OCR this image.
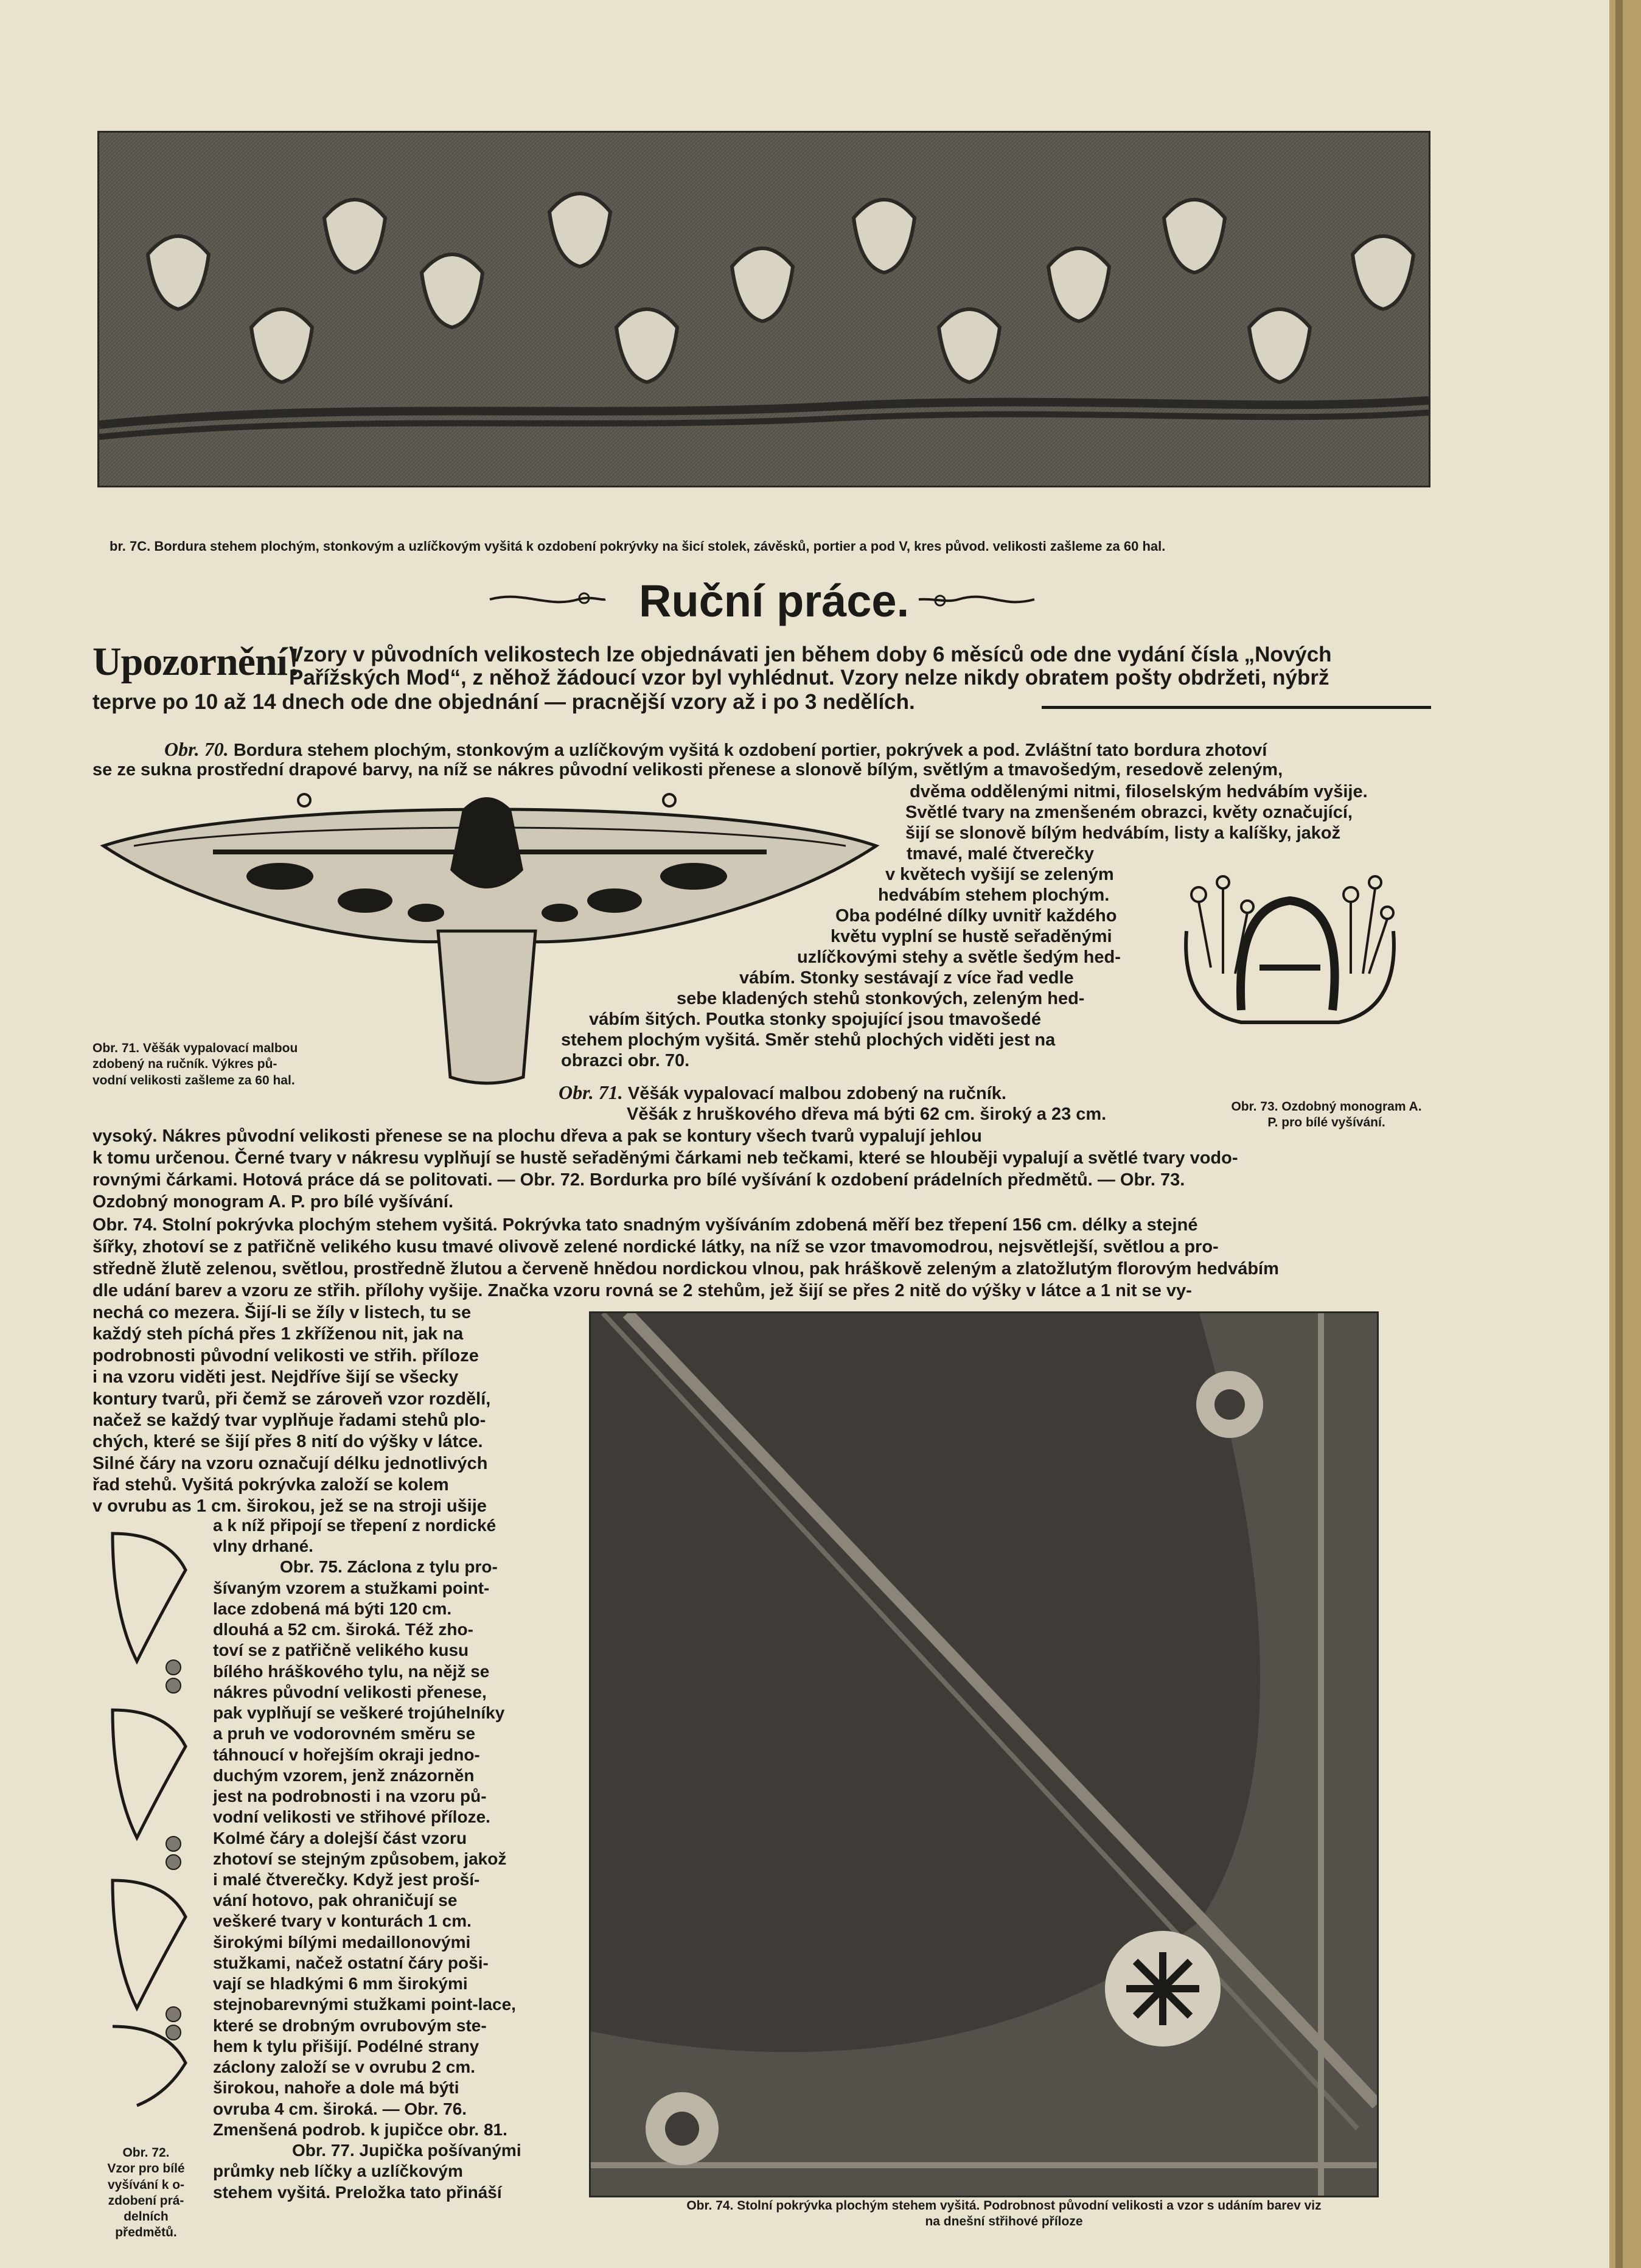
br. 7C. Bordura stehem plochým, stonkovým a uzlíčkovým vyšitá k ozdobení pokrývky na šicí stolek, závěsků, portier a pod V, kres původ. velikosti zašleme za 60 hal.
Ruční práce.
Upozornění!
Vzory v původních velikostech lze objednávati jen během doby 6 měsíců ode dne vydání čísla „Nových
Pařížských Mod“, z něhož žádoucí vzor byl vyhlédnut. Vzory nelze nikdy obratem pošty obdržeti, nýbrž
teprve po 10 až 14 dnech ode dne objednání — pracnější vzory až i po 3 nedělích.
Obr. 70. Bordura stehem plochým, stonkovým a uzlíčkovým vyšitá k ozdobení portier, pokrývek a pod. Zvláštní tato bordura zhotoví
se ze sukna prostřední drapové barvy, na níž se nákres původní velikosti přenese a slonově bílým, světlým a tmavošedým, resedově zeleným,
Obr. 71. Věšák vypalovací malbou
zdobený na ručník. Výkres pů-
vodní velikosti zašleme za 60 hal.
dvěma oddělenými nitmi, filoselským hedvábím vyšije.
Světlé tvary na zmenšeném obrazci, květy označující,
šijí se slonově bílým hedvábím, listy a kalíšky, jakož
tmavé, malé čtverečky
v květech vyšijí se zeleným
hedvábím stehem plochým.
Oba podélné dílky uvnitř každého
květu vyplní se hustě seřaděnými
uzlíčkovými stehy a světle šedým hed-
vábím. Stonky sestávají z více řad vedle
sebe kladených stehů stonkových, zeleným hed-
vábím šitých. Poutka stonky spojující jsou tmavošedé
stehem plochým vyšitá. Směr stehů plochých viděti jest na
obrazci obr. 70.
Obr. 71. Věšák vypalovací malbou zdobený na ručník.
Věšák z hruškového dřeva má býti 62 cm. široký a 23 cm.	Obr. 73. Ozdobný monogram A.
P. pro bílé vyšívání.
vysoký. Nákres původní velikosti přenese se na plochu dřeva a pak se kontury všech tvarů vypalují jehlou
k tomu určenou. Černé tvary v nákresu vyplňují se hustě seřaděnými čárkami neb tečkami, které se hlouběji vypalují a světlé tvary vodo-
rovnými čárkami. Hotová práce dá se politovati. — Obr. 72. Bordurka pro bílé vyšívání k ozdobení prádelních předmětů. — Obr. 73.
Ozdobný monogram A. P. pro bílé vyšívání.
Obr. 74. Stolní pokrývka plochým stehem vyšitá. Pokrývka tato snadným vyšíváním zdobená měří bez třepení 156 cm. délky a stejné
šířky, zhotoví se z patřičně velikého kusu tmavé olivově zelené nordické látky, na níž se vzor tmavomodrou, nejsvětlejší, světlou a pro-
středně žlutě zelenou, světlou, prostředně žlutou a červeně hnědou nordickou vlnou, pak hráškově zeleným a zlatožlutým florovým hedvábím
dle udání barev a vzoru ze střih. přílohy vyšije. Značka vzoru rovná se 2 stehům, jež šijí se přes 2 nitě do výšky v látce a 1 nit se vy-
nechá co mezera. Šijí-li se žíly v listech, tu se
každý steh píchá přes 1 zkříženou nit, jak na
podrobnosti původní velikosti ve střih. příloze
i na vzoru viděti jest. Nejdříve šijí se všecky
kontury tvarů, při čemž se zároveň vzor rozdělí,
načež se každý tvar vyplňuje řadami stehů plo-
chých, které se šijí přes 8 nití do výšky v látce.
Silné čáry na vzoru označují délku jednotlivých
řad stehů. Vyšitá pokrývka založí se kolem
v ovrubu as 1 cm. širokou, jež se na stroji ušije
Obr. 72.
Vzor pro bílé
vyšívání k o-
zdobení prá-
delních
předmětů.
a k níž připojí se třepení z nordické
vlny drhané.
Obr. 75. Záclona z tylu pro-
šívaným vzorem a stužkami point-
lace zdobená má býti 120 cm.
dlouhá a 52 cm. široká. Též zho-
toví se z patřičně velikého kusu
bílého hráškového tylu, na nějž se
nákres původní velikosti přenese,
pak vyplňují se veškeré trojúhelníky
a pruh ve vodorovném směru se
táhnoucí v hořejším okraji jedno-
duchým vzorem, jenž znázorněn
jest na podrobnosti i na vzoru pů-
vodní velikosti ve střihové příloze.
Kolmé čáry a dolejší část vzoru
zhotoví se stejným způsobem, jakož
i malé čtverečky. Když jest proší-
vání hotovo, pak ohraničují se
veškeré tvary v konturách 1 cm.
širokými bílými medaillonovými
stužkami, načež ostatní čáry poši-
vají se hladkými 6 mm širokými
stejnobarevnými stužkami point-lace,
které se drobným ovrubovým ste-
hem k tylu přišijí. Podélné strany
záclony založí se v ovrubu 2 cm.
širokou, nahoře a dole má býti
ovruba 4 cm. široká. — Obr. 76.
Zmenšená podrob. k jupičce obr. 81.
Obr. 77. Jupička pošívanými
průmky neb líčky a uzlíčkovým
stehem vyšitá. Preložka tato přináší
Obr. 74. Stolní pokrývka plochým stehem vyšitá. Podrobnost původní velikosti a vzor s udáním barev viz
na dnešní střihové příloze
